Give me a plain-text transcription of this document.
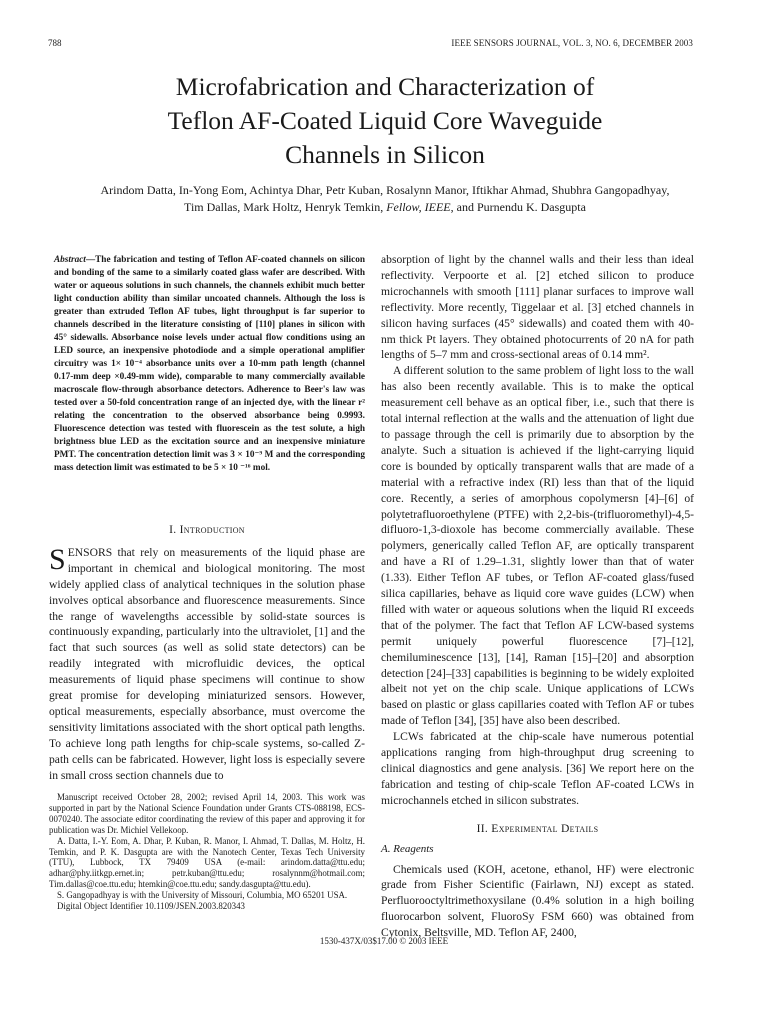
788	IEEE SENSORS JOURNAL, VOL. 3, NO. 6, DECEMBER 2003
Microfabrication and Characterization of
Teflon AF-Coated Liquid Core Waveguide
Channels in Silicon
Arindom Datta, In-Yong Eom, Achintya Dhar, Petr Kuban, Rosalynn Manor, Iftikhar Ahmad, Shubhra Gangopadhyay,
Tim Dallas, Mark Holtz, Henryk Temkin, Fellow, IEEE, and Purnendu K. Dasgupta
Abstract—The fabrication and testing of Teflon AF-coated channels on silicon and bonding of the same to a similarly coated glass wafer are described. With water or aqueous solutions in such channels, the channels exhibit much better light conduction ability than similar uncoated channels. Although the loss is greater than extruded Teflon AF tubes, light throughput is far superior to channels described in the literature consisting of [110] planes in silicon with 45° sidewalls. Absorbance noise levels under actual flow conditions using an LED source, an inexpensive photodiode and a simple operational amplifier circuitry was 1× 10⁻⁴ absorbance units over a 10-mm path length (channel 0.17-mm deep ×0.49-mm wide), comparable to many commercially available macroscale flow-through absorbance detectors. Adherence to Beer's law was tested over a 50-fold concentration range of an injected dye, with the linear r² relating the concentration to the observed absorbance being 0.9993. Fluorescence detection was tested with fluorescein as the test solute, a high brightness blue LED as the excitation source and an inexpensive miniature PMT. The concentration detection limit was 3 × 10⁻⁹ M and the corresponding mass detection limit was estimated to be 5 × 10 ⁻¹⁶ mol.
I. Introduction

SENSORS that rely on measurements of the liquid phase are important in chemical and biological monitoring. The most widely applied class of analytical techniques in the solution phase involves optical absorbance and fluorescence measurements. Since the range of wavelengths accessible by solid-state sources is continuously expanding, particularly into the ultraviolet, [1] and the fact that such sources (as well as solid state detectors) can be readily integrated with microfluidic devices, the optical measurements of liquid phase specimens will continue to show great promise for developing miniaturized sensors. However, optical measurements, especially absorbance, must overcome the sensitivity limitations associated with the short optical path lengths. To achieve long path lengths for chip-scale systems, so-called Z-path cells can be fabricated. However, light loss is especially severe in small cross section channels due to

Manuscript received October 28, 2002; revised April 14, 2003. This work was supported in part by the National Science Foundation under Grants CTS-088198, ECS-0070240. The associate editor coordinating the review of this paper and approving it for publication was Dr. Michiel Vellekoop.

A. Datta, I.-Y. Eom, A. Dhar, P. Kuban, R. Manor, I. Ahmad, T. Dallas, M. Holtz, H. Temkin, and P. K. Dasgupta are with the Nanotech Center, Texas Tech University (TTU), Lubbock, TX 79409 USA (e-mail: arindom.datta@ttu.edu; adhar@phy.iitkgp.ernet.in; petr.kuban@ttu.edu; rosalynnm@hotmail.com; Tim.dallas@coe.ttu.edu; htemkin@coe.ttu.edu; sandy.dasgupta@ttu.edu).

S. Gangopadhyay is with the University of Missouri, Columbia, MO 65201 USA.

Digital Object Identifier 10.1109/JSEN.2003.820343

absorption of light by the channel walls and their less than ideal reflectivity. Verpoorte et al. [2] etched silicon to produce microchannels with smooth [111] planar surfaces to improve wall reflectivity. More recently, Tiggelaar et al. [3] etched channels in silicon having surfaces (45° sidewalls) and coated them with 40-nm thick Pt layers. They obtained photocurrents of 20 nA for path lengths of 5–7 mm and cross-sectional areas of 0.14 mm².

A different solution to the same problem of light loss to the wall has also been recently available. This is to make the optical measurement cell behave as an optical fiber, i.e., such that there is total internal reflection at the walls and the attenuation of light due to passage through the cell is primarily due to absorption by the analyte. Such a situation is achieved if the light-carrying liquid core is bounded by optically transparent walls that are made of a material with a refractive index (RI) less than that of the liquid core. Recently, a series of amorphous copolymersn [4]–[6] of polytetrafluoroethylene (PTFE) with 2,2-bis-(trifluoromethyl)-4,5-difluoro-1,3-dioxole has become commercially available. These polymers, generically called Teflon AF, are optically transparent and have a RI of 1.29–1.31, slightly lower than that of water (1.33). Either Teflon AF tubes, or Teflon AF-coated glass/fused silica capillaries, behave as liquid core wave guides (LCW) when filled with water or aqueous solutions when the liquid RI exceeds that of the polymer. The fact that Teflon AF LCW-based systems permit uniquely powerful fluorescence [7]–[12], chemiluminescence [13], [14], Raman [15]–[20] and absorption detection [24]–[33] capabilities is beginning to be widely exploited albeit not yet on the chip scale. Unique applications of LCWs based on plastic or glass capillaries coated with Teflon AF or tubes made of Teflon [34], [35] have also been described.

LCWs fabricated at the chip-scale have numerous potential applications ranging from high-throughput drug screening to clinical diagnostics and gene analysis. [36] We report here on the fabrication and testing of chip-scale Teflon AF-coated LCWs in microchannels etched in silicon substrates.

II. Experimental Details
A. Reagents

Chemicals used (KOH, acetone, ethanol, HF) were electronic grade from Fisher Scientific (Fairlawn, NJ) except as stated. Perfluorooctyltrimethoxysilane (0.4% solution in a high boiling fluorocarbon solvent, FluoroSy FSM 660) was obtained from Cytonix, Beltsville, MD. Teflon AF, 2400,

1530-437X/03$17.00 © 2003 IEEE
